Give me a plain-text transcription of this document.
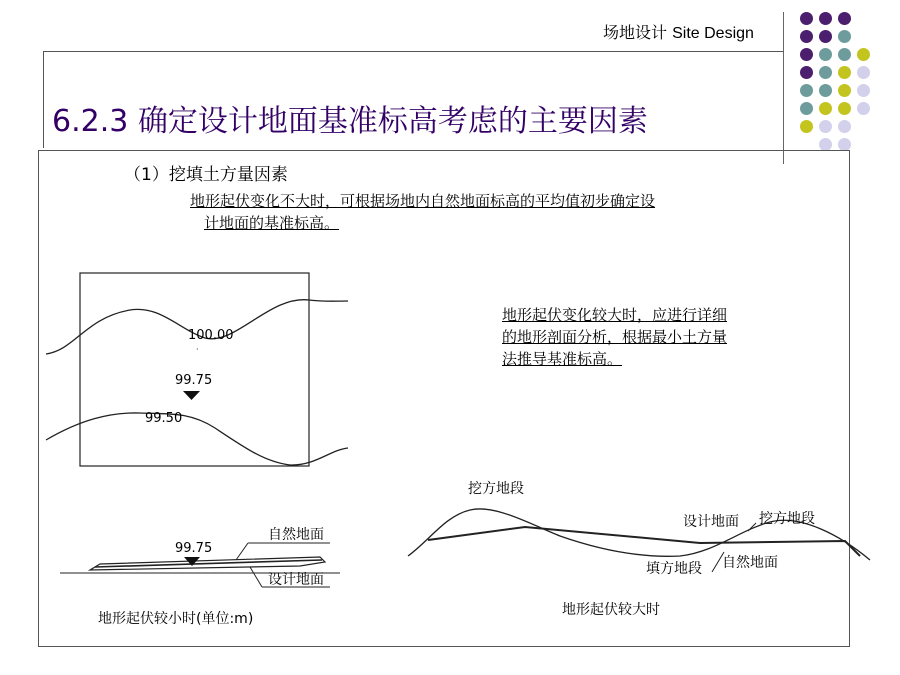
场地设计 Site Design
6.2.3 确定设计地面基准标高考虑的主要因素
（1）挖填土方量因素
地形起伏变化不大时，可根据场地内自然地面标高的平均值初步确定设
计地面的基准标高。
地形起伏变化较大时，应进行详细
的地形剖面分析，根据最小土方量
法推导基准标高。
100.00
·
99.75
99.50
99.75
自然地面
设计地面
地形起伏较小时(单位:m)
挖方地段
设计地面 挖方地段
填方地段 自然地面
地形起伏较大时
